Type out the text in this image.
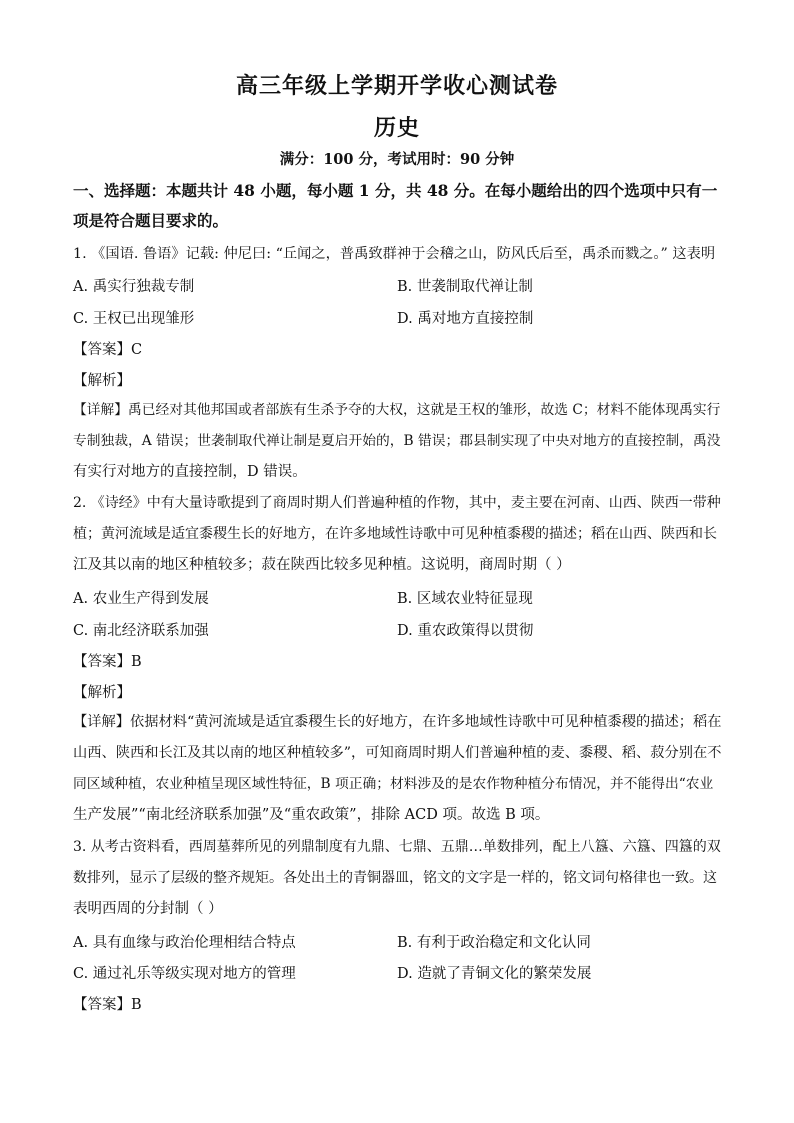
高三年级上学期开学收心测试卷
历史
满分：100 分，考试用时：90 分钟
一、选择题：本题共计 48 小题，每小题 1 分，共 48 分。在每小题给出的四个选项中只有一
项是符合题目要求的。
1. 《国语. 鲁语》记载: 仲尼曰: “丘闻之，普禹致群神于会稽之山，防风氏后至，禹杀而戮之。” 这表明
A. 禹实行独裁专制	B. 世袭制取代禅让制
C. 王权已出现雏形	D. 禹对地方直接控制
【答案】C
【解析】
【详解】禹已经对其他邦国或者部族有生杀予夺的大权，这就是王权的雏形，故选 C；材料不能体现禹实行
专制独裁，A 错误；世袭制取代禅让制是夏启开始的，B 错误；郡县制实现了中央对地方的直接控制，禹没
有实行对地方的直接控制，D 错误。
2. 《诗经》中有大量诗歌提到了商周时期人们普遍种植的作物，其中，麦主要在河南、山西、陕西一带种
植；黄河流域是适宜黍稷生长的好地方，在许多地域性诗歌中可见种植黍稷的描述；稻在山西、陕西和长
江及其以南的地区种植较多；菽在陕西比较多见种植。这说明，商周时期（ ）
A. 农业生产得到发展	B. 区域农业特征显现
C. 南北经济联系加强	D. 重农政策得以贯彻
【答案】B
【解析】
【详解】依据材料“黄河流域是适宜黍稷生长的好地方，在许多地域性诗歌中可见种植黍稷的描述；稻在
山西、陕西和长江及其以南的地区种植较多”，可知商周时期人们普遍种植的麦、黍稷、稻、菽分别在不
同区域种植，农业种植呈现区域性特征，B 项正确；材料涉及的是农作物种植分布情况，并不能得出“农业
生产发展”“南北经济联系加强”及“重农政策”，排除 ACD 项。故选 B 项。
3. 从考古资料看，西周墓葬所见的列鼎制度有九鼎、七鼎、五鼎…单数排列，配上八簋、六簋、四簋的双
数排列，显示了层级的整齐规矩。各处出土的青铜器皿，铭文的文字是一样的，铭文词句格律也一致。这
表明西周的分封制（ ）
A. 具有血缘与政治伦理相结合特点	B. 有利于政治稳定和文化认同
C. 通过礼乐等级实现对地方的管理	D. 造就了青铜文化的繁荣发展
【答案】B
